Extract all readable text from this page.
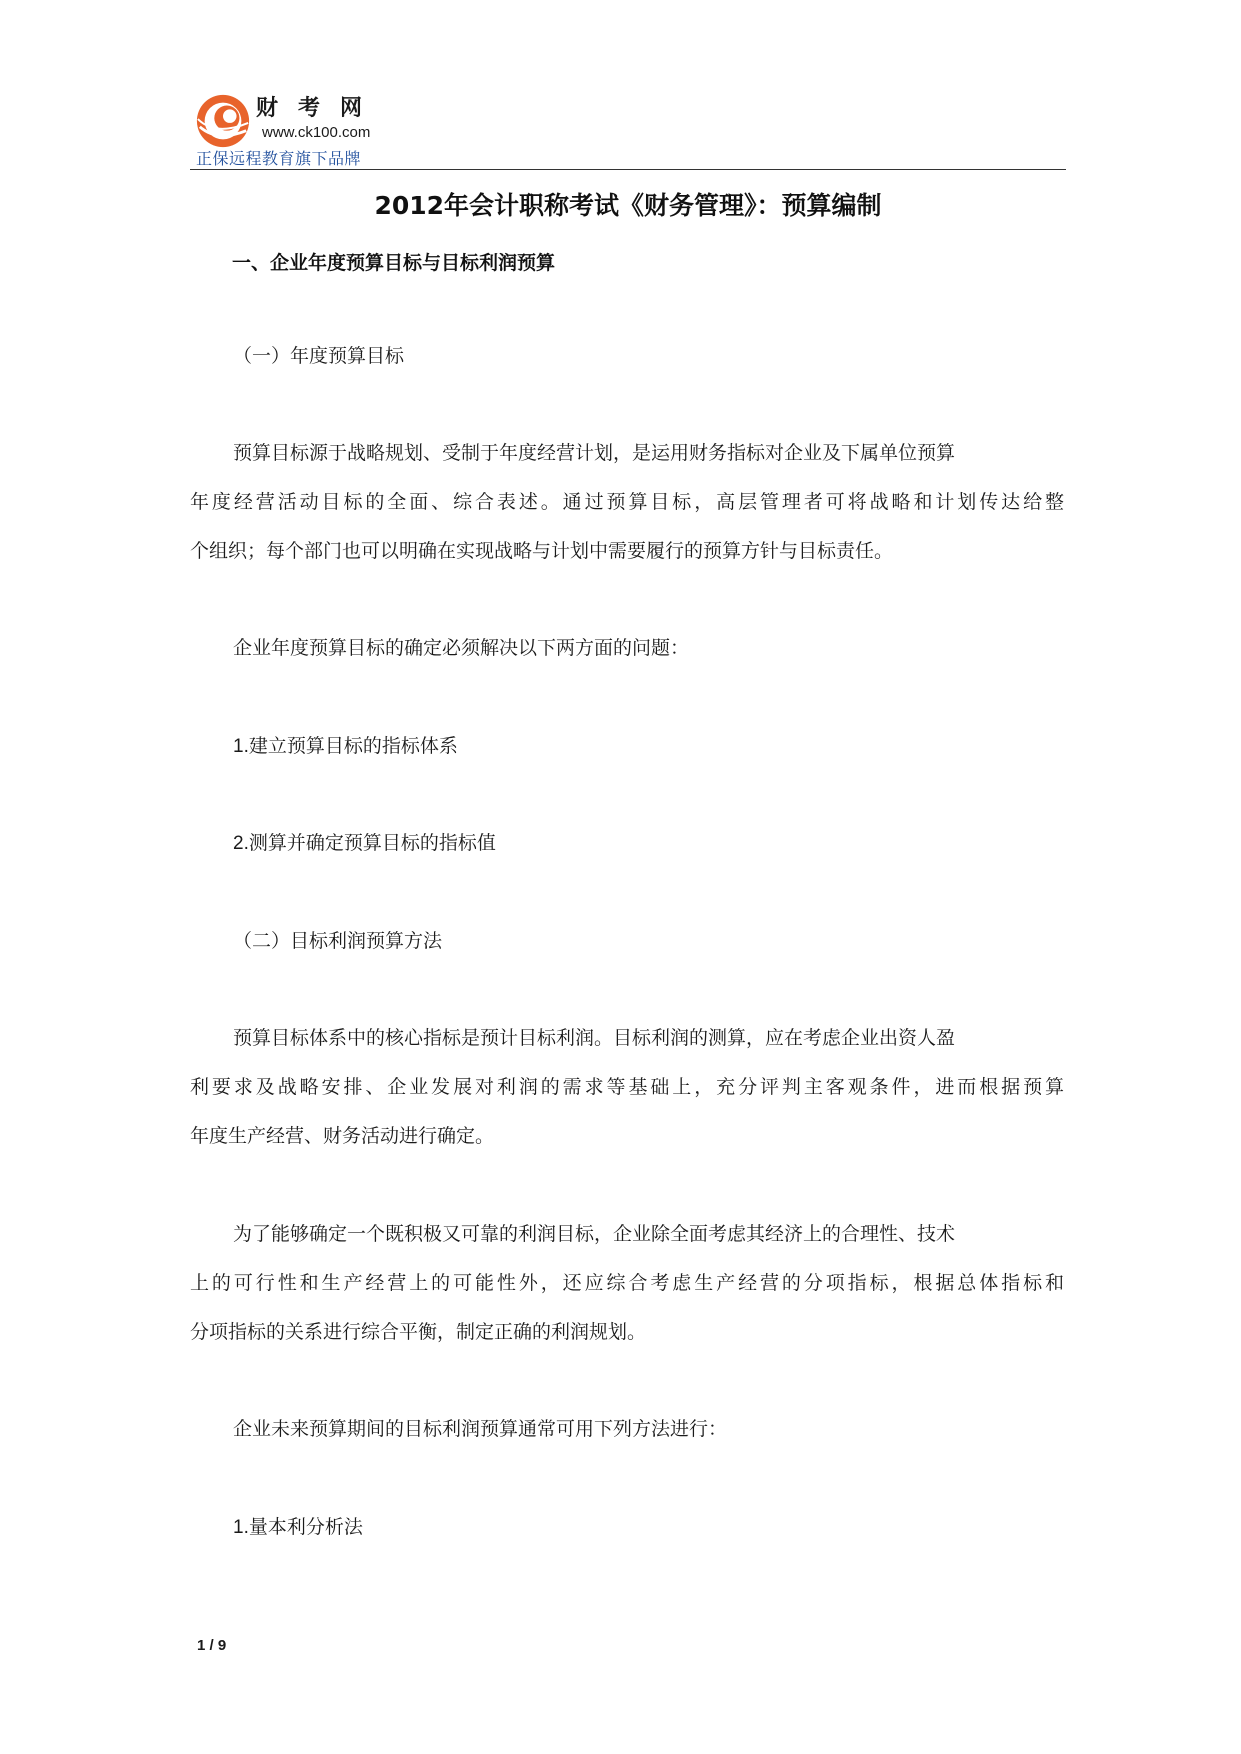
财考网
www.ck100.com
正保远程教育旗下品牌
2012年会计职称考试《财务管理》：预算编制
一、企业年度预算目标与目标利润预算
（一）年度预算目标
预算目标源于战略规划、受制于年度经营计划，是运用财务指标对企业及下属单位预算
年度经营活动目标的全面、综合表述。通过预算目标，高层管理者可将战略和计划传达给整
个组织；每个部门也可以明确在实现战略与计划中需要履行的预算方针与目标责任。
企业年度预算目标的确定必须解决以下两方面的问题：
1.建立预算目标的指标体系
2.测算并确定预算目标的指标值
（二）目标利润预算方法
预算目标体系中的核心指标是预计目标利润。目标利润的测算，应在考虑企业出资人盈
利要求及战略安排、企业发展对利润的需求等基础上，充分评判主客观条件，进而根据预算
年度生产经营、财务活动进行确定。
为了能够确定一个既积极又可靠的利润目标，企业除全面考虑其经济上的合理性、技术
上的可行性和生产经营上的可能性外，还应综合考虑生产经营的分项指标，根据总体指标和
分项指标的关系进行综合平衡，制定正确的利润规划。
企业未来预算期间的目标利润预算通常可用下列方法进行：
1.量本利分析法
1 / 9
